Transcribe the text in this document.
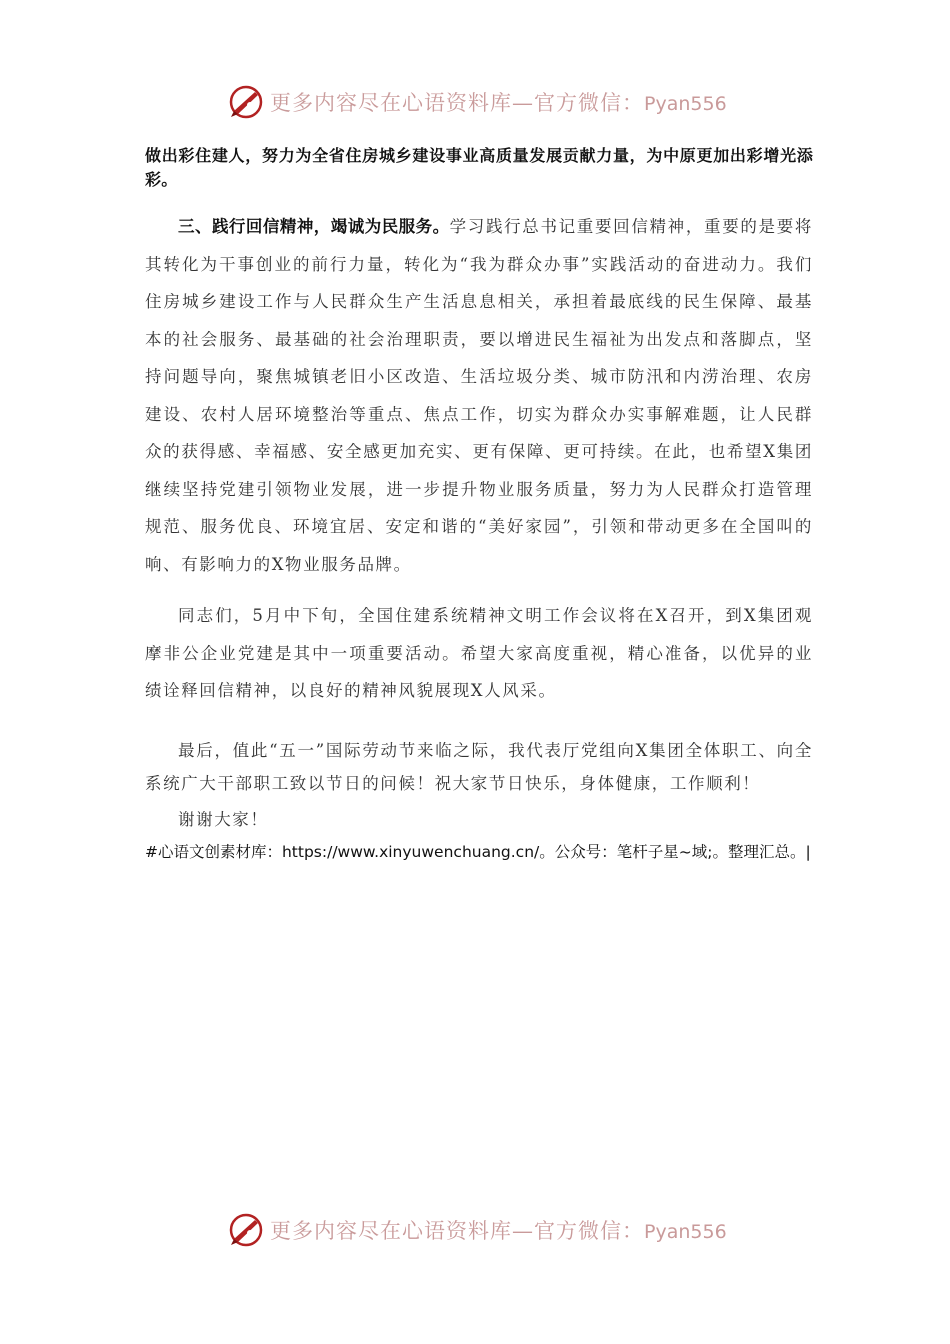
更多内容尽在心语资料库—官方微信：Pyan556

做出彩住建人，努力为全省住房城乡建设事业高质量发展贡献力量，为中原更加出彩增光添彩。

三、践行回信精神，竭诚为民服务。学习践行总书记重要回信精神，重要的是要将其转化为干事创业的前行力量，转化为“我为群众办事”实践活动的奋进动力。我们住房城乡建设工作与人民群众生产生活息息相关，承担着最底线的民生保障、最基本的社会服务、最基础的社会治理职责，要以增进民生福祉为出发点和落脚点，坚持问题导向，聚焦城镇老旧小区改造、生活垃圾分类、城市防汛和内涝治理、农房建设、农村人居环境整治等重点、焦点工作，切实为群众办实事解难题，让人民群众的获得感、幸福感、安全感更加充实、更有保障、更可持续。在此，也希望X集团继续坚持党建引领物业发展，进一步提升物业服务质量，努力为人民群众打造管理规范、服务优良、环境宜居、安定和谐的“美好家园”，引领和带动更多在全国叫的响、有影响力的X物业服务品牌。

同志们，5月中下旬，全国住建系统精神文明工作会议将在X召开，到X集团观摩非公企业党建是其中一项重要活动。希望大家高度重视，精心准备，以优异的业绩诠释回信精神，以良好的精神风貌展现X人风采。

最后，值此“五一”国际劳动节来临之际，我代表厅党组向X集团全体职工、向全系统广大干部职工致以节日的问候！祝大家节日快乐，身体健康，工作顺利！

谢谢大家！

#心语文创素材库：https://www.xinyuwenchuang.cn/。公众号：笔杆子星~域;。整理汇总。|

更多内容尽在心语资料库—官方微信：Pyan556
